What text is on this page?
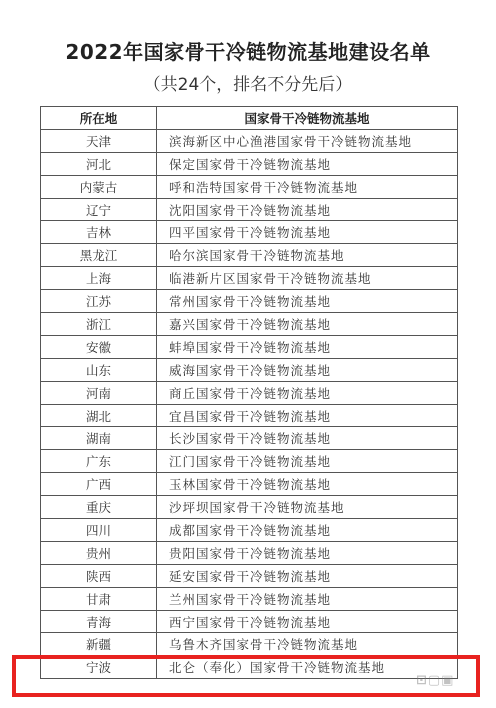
2022年国家骨干冷链物流基地建设名单
（共24个，排名不分先后）
所在地	国家骨干冷链物流基地
天津	滨海新区中心渔港国家骨干冷链物流基地
河北	保定国家骨干冷链物流基地
内蒙古	呼和浩特国家骨干冷链物流基地
辽宁	沈阳国家骨干冷链物流基地
吉林	四平国家骨干冷链物流基地
黑龙江	哈尔滨国家骨干冷链物流基地
上海	临港新片区国家骨干冷链物流基地
江苏	常州国家骨干冷链物流基地
浙江	嘉兴国家骨干冷链物流基地
安徽	蚌埠国家骨干冷链物流基地
山东	威海国家骨干冷链物流基地
河南	商丘国家骨干冷链物流基地
湖北	宜昌国家骨干冷链物流基地
湖南	长沙国家骨干冷链物流基地
广东	江门国家骨干冷链物流基地
广西	玉林国家骨干冷链物流基地
重庆	沙坪坝国家骨干冷链物流基地
四川	成都国家骨干冷链物流基地
贵州	贵阳国家骨干冷链物流基地
陕西	延安国家骨干冷链物流基地
甘肃	兰州国家骨干冷链物流基地
青海	西宁国家骨干冷链物流基地
新疆	乌鲁木齐国家骨干冷链物流基地
宁波	北仑（奉化）国家骨干冷链物流基地
⊡▢▣
